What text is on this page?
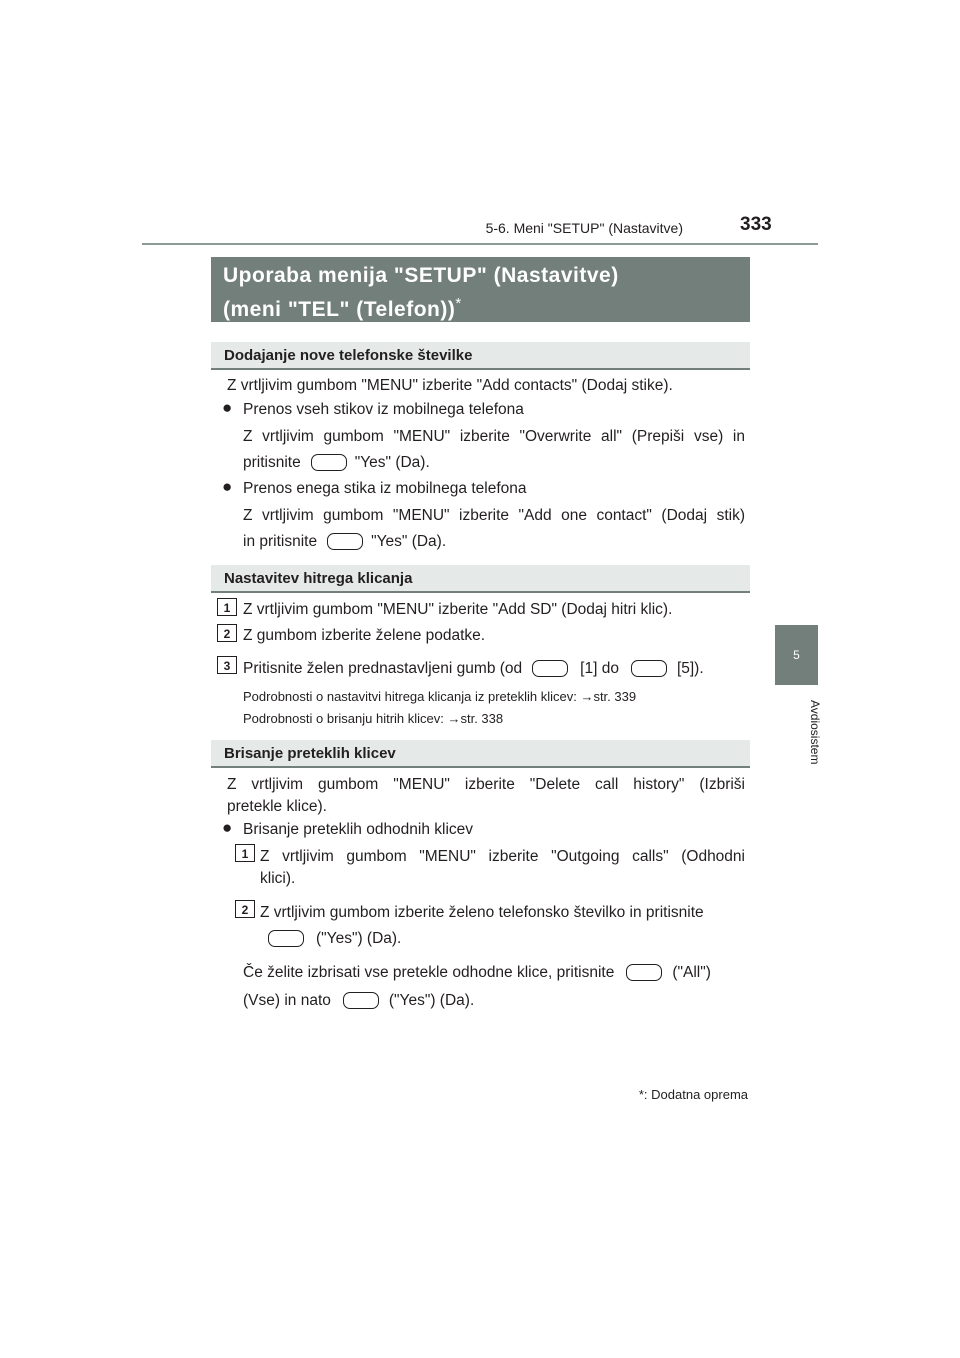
5-6. Meni "SETUP" (Nastavitve)	333
5
Avdiosistem
Uporaba menija "SETUP" (Nastavitve)
(meni "TEL" (Telefon))*
Dodajanje nove telefonske številke
Z vrtljivim gumbom "MENU" izberite "Add contacts" (Dodaj stike).
● Prenos vseh stikov iz mobilnega telefona
Z vrtljivim gumbom "MENU" izberite "Overwrite all" (Prepiši vse) in
pritisnite	"Yes" (Da).
● Prenos enega stika iz mobilnega telefona
Z vrtljivim gumbom "MENU" izberite "Add one contact" (Dodaj stik)
in pritisnite	"Yes" (Da).
Nastavitev hitrega klicanja
1 Z vrtljivim gumbom "MENU" izberite "Add SD" (Dodaj hitri klic).
2 Z gumbom izberite želene podatke.
3 Pritisnite želen prednastavljeni gumb (od	[1] do	[5]).
Podrobnosti o nastavitvi hitrega klicanja iz preteklih klicev: →str. 339
Podrobnosti o brisanju hitrih klicev: →str. 338
Brisanje preteklih klicev
Z vrtljivim gumbom "MENU" izberite "Delete call history" (Izbriši
pretekle klice).
● Brisanje preteklih odhodnih klicev
1 Z vrtljivim gumbom "MENU" izberite "Outgoing calls" (Odhodni
klici).
2 Z vrtljivim gumbom izberite želeno telefonsko številko in pritisnite
("Yes") (Da).
Če želite izbrisati vse pretekle odhodne klice, pritisnite	("All")
(Vse) in nato	("Yes") (Da).
*: Dodatna oprema
